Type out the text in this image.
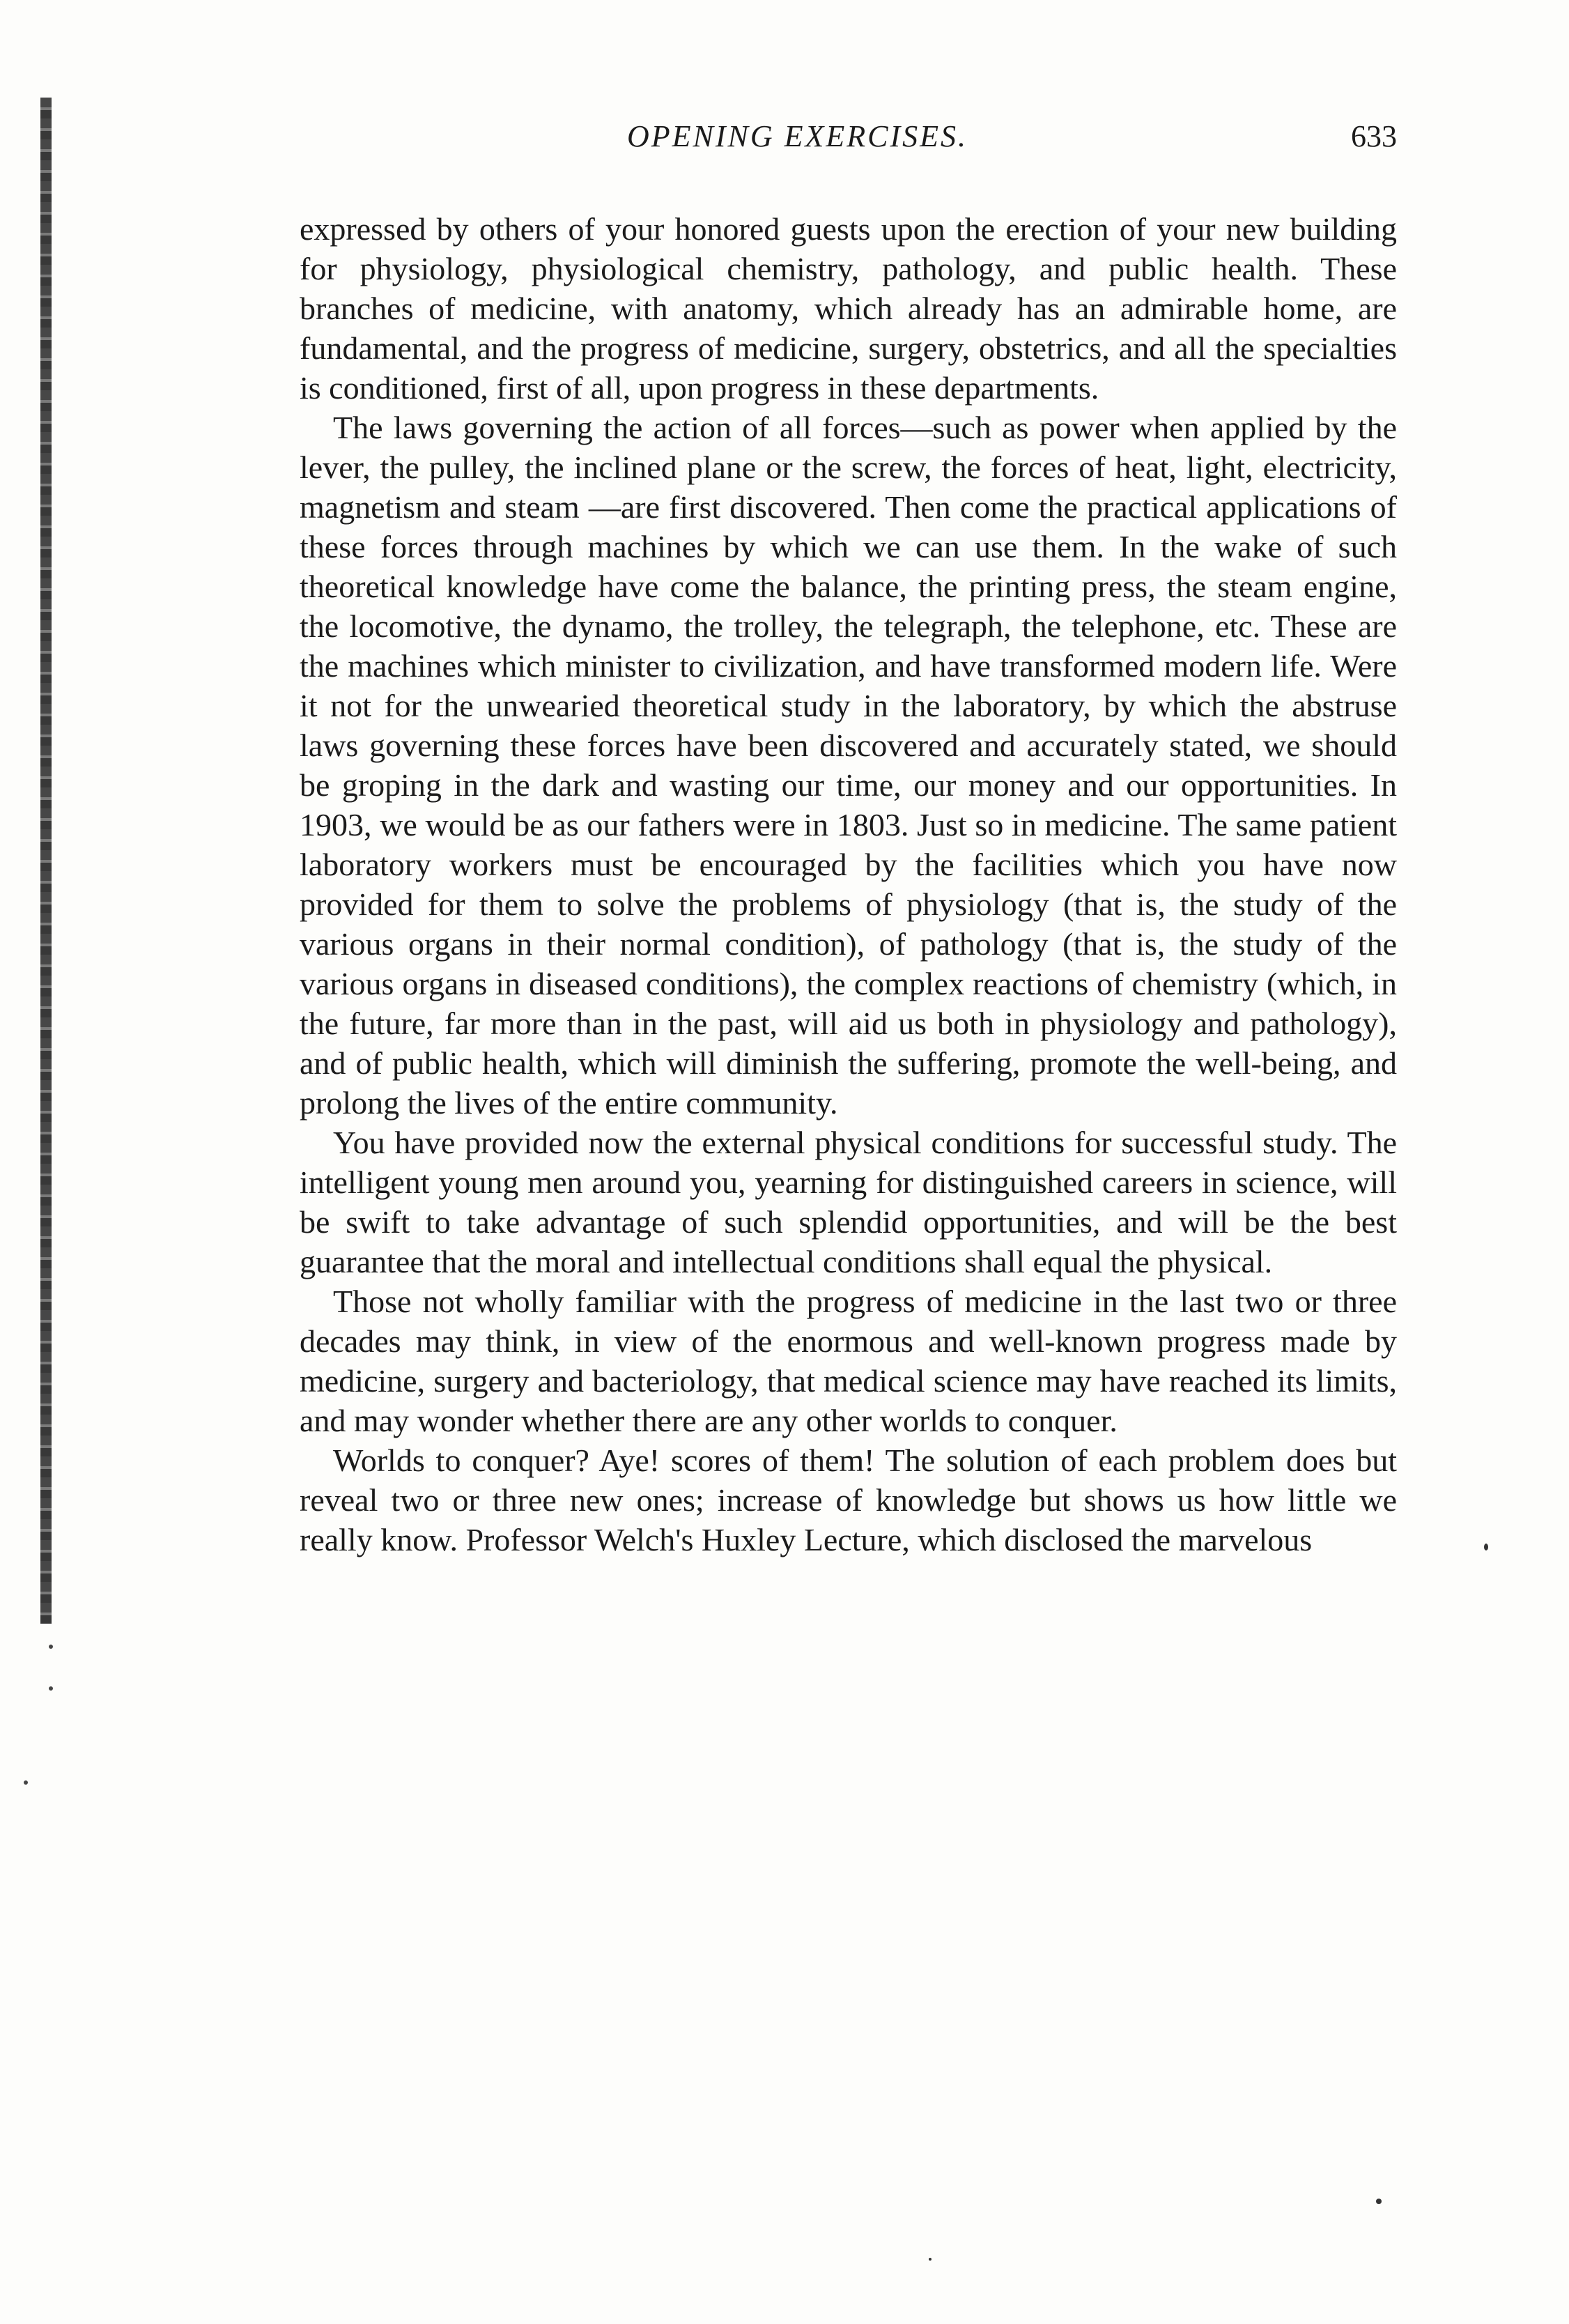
OPENING EXERCISES.	633

expressed by others of your honored guests upon the erection of your new building for physiology, physiological chemistry, pathology, and public health. These branches of medicine, with anatomy, which already has an admirable home, are fundamental, and the progress of medicine, surgery, obstetrics, and all the specialties is conditioned, first of all, upon progress in these departments.

The laws governing the action of all forces—such as power when applied by the lever, the pulley, the inclined plane or the screw, the forces of heat, light, electricity, magnetism and steam —are first discovered. Then come the practical applications of these forces through machines by which we can use them. In the wake of such theoretical knowledge have come the balance, the printing press, the steam engine, the locomotive, the dynamo, the trolley, the telegraph, the telephone, etc. These are the machines which minister to civilization, and have transformed modern life. Were it not for the unwearied theoretical study in the laboratory, by which the abstruse laws governing these forces have been discovered and accurately stated, we should be groping in the dark and wasting our time, our money and our opportunities. In 1903, we would be as our fathers were in 1803. Just so in medicine. The same patient laboratory workers must be encouraged by the facilities which you have now provided for them to solve the problems of physiology (that is, the study of the various organs in their normal condition), of pathology (that is, the study of the various organs in diseased conditions), the complex reactions of chemistry (which, in the future, far more than in the past, will aid us both in physiology and pathology), and of public health, which will diminish the suffering, promote the well-being, and prolong the lives of the entire community.

You have provided now the external physical conditions for successful study. The intelligent young men around you, yearning for distinguished careers in science, will be swift to take advantage of such splendid opportunities, and will be the best guarantee that the moral and intellectual conditions shall equal the physical.

Those not wholly familiar with the progress of medicine in the last two or three decades may think, in view of the enormous and well-known progress made by medicine, surgery and bacteriology, that medical science may have reached its limits, and may wonder whether there are any other worlds to conquer.

Worlds to conquer? Aye! scores of them! The solution of each problem does but reveal two or three new ones; increase of knowledge but shows us how little we really know. Professor Welch's Huxley Lecture, which disclosed the marvelous
